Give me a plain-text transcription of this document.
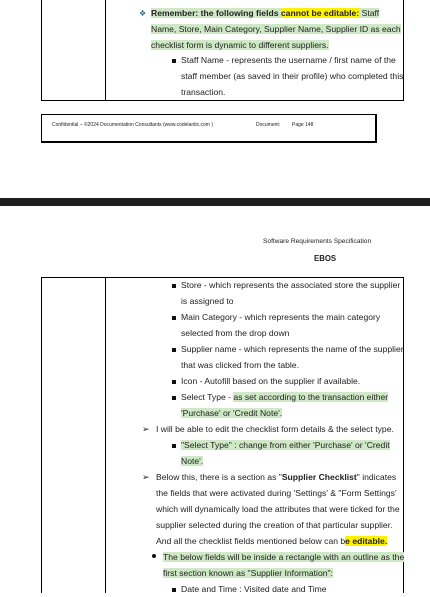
❖ Remember: the following fields cannot be editable: Staff
Name, Store, Main Category, Supplier Name, Supplier ID as each
checklist form is dynamic to different suppliers.
Staff Name - represents the username / first name of the
staff member (as saved in their profile) who completed this
transaction.
Confidential – ©2024 Documentation Consultants (www.codelantic.com )	Document: Page 148
Software Requirements Specification
EBOS
Store - which represents the associated store the supplier
is assigned to
Main Category - which represents the main category
selected from the drop down
Supplier name - which represents the name of the supplier
that was clicked from the table.
Icon - Autofill based on the supplier if available.
Select Type - as set according to the transaction either
'Purchase' or 'Credit Note'.
➢ I will be able to edit the checklist form details & the select type.
"Select Type" : change from either 'Purchase' or 'Credit
Note'.
➢ Below this, there is a section as "Supplier Checklist" indicates
the fields that were activated during 'Settings' & "Form Settings'
which will dynamically load the attributes that were ticked for the
supplier selected during the creation of that particular supplier.
And all the checklist fields mentioned below can be editable.
The below fields will be inside a rectangle with an outline as the
first section known as "Supplier Information":
Date and Time : Visited date and Time
